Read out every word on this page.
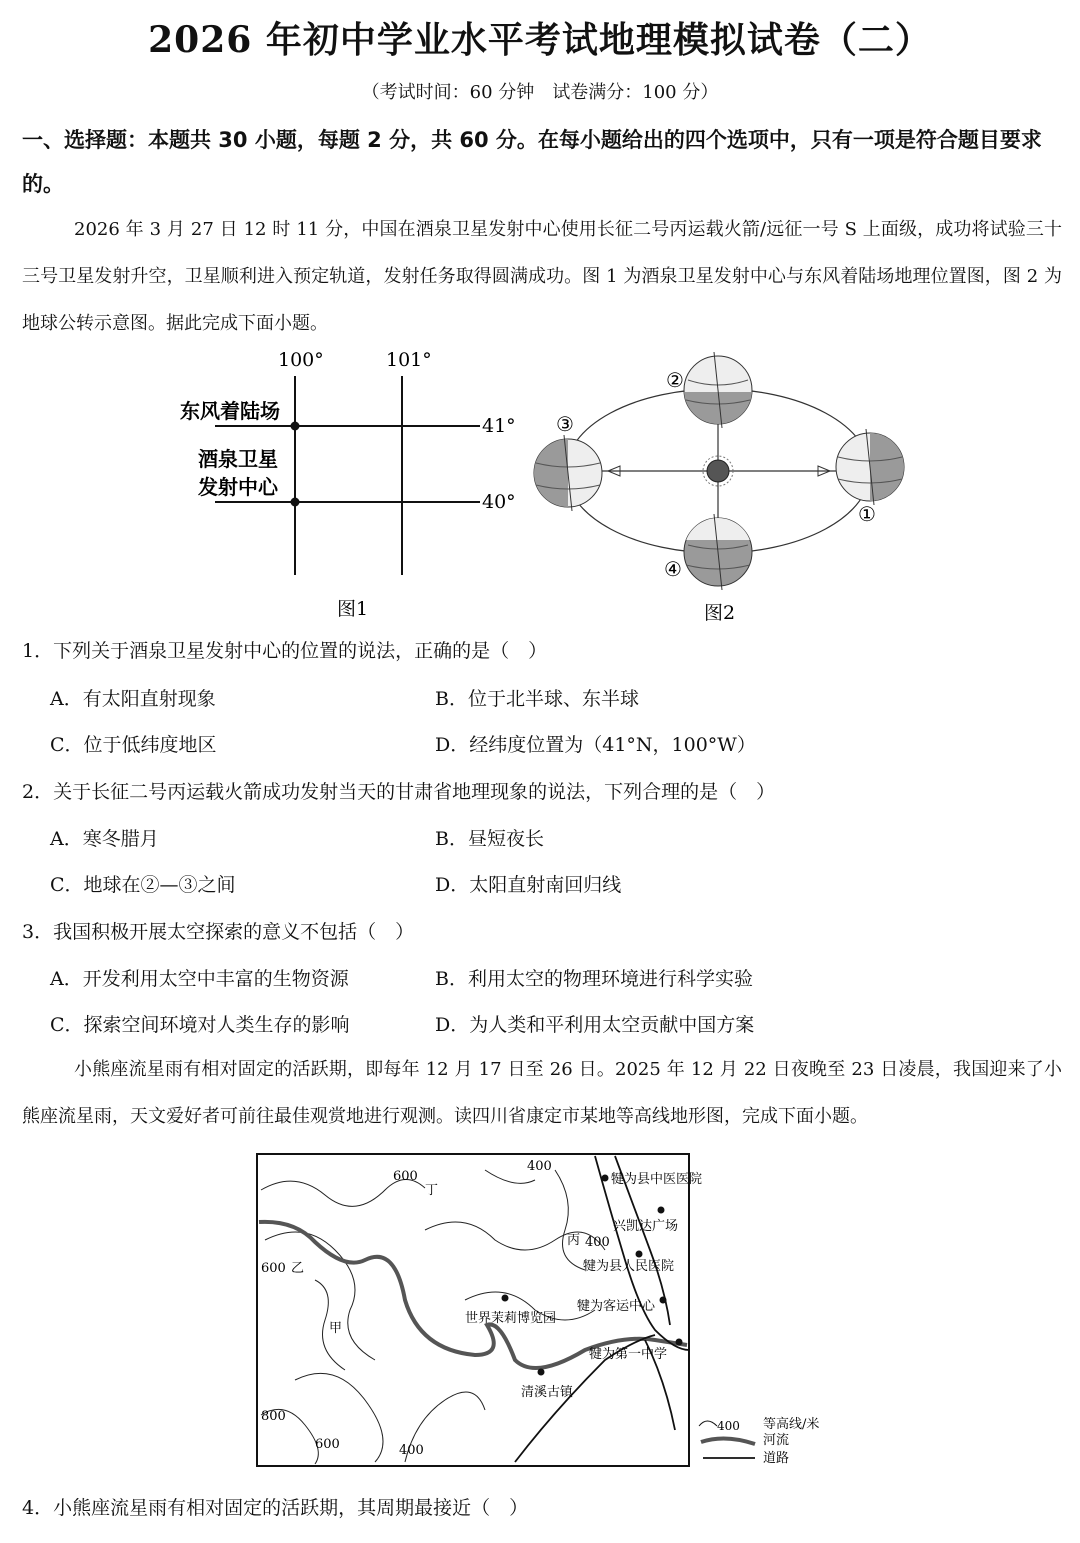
2026 年初中学业水平考试地理模拟试卷（二）
（考试时间：60 分钟　试卷满分：100 分）
一、选择题：本题共 30 小题，每题 2 分，共 60 分。在每小题给出的四个选项中，只有一项是符合题目要求的。
2026 年 3 月 27 日 12 时 11 分，中国在酒泉卫星发射中心使用长征二号丙运载火箭/远征一号 S 上面级，成功将试验三十三号卫星发射升空，卫星顺利进入预定轨道，发射任务取得圆满成功。图 1 为酒泉卫星发射中心与东风着陆场地理位置图，图 2 为地球公转示意图。据此完成下面小题。
100°	101°
41°
40°
东风着陆场
酒泉卫星
发射中心
图1
②
③
①
④
图2
1．下列关于酒泉卫星发射中心的位置的说法，正确的是（　）
A．有太阳直射现象	B．位于北半球、东半球
C．位于低纬度地区	D．经纬度位置为（41°N，100°W）
2．关于长征二号丙运载火箭成功发射当天的甘肃省地理现象的说法，下列合理的是（　）
A．寒冬腊月	B．昼短夜长
C．地球在②—③之间	D．太阳直射南回归线
3．我国积极开展太空探索的意义不包括（　）
A．开发利用太空中丰富的生物资源	B．利用太空的物理环境进行科学实验
C．探索空间环境对人类生存的影响	D．为人类和平利用太空贡献中国方案
小熊座流星雨有相对固定的活跃期，即每年 12 月 17 日至 26 日。2025 年 12 月 22 日夜晚至 23 日凌晨，我国迎来了小熊座流星雨，天文爱好者可前往最佳观赏地进行观测。读四川省康定市某地等高线地形图，完成下面小题。
400
600
400
600
800
600	400
丁
丙
乙
甲
犍为县中医医院
兴凯达广场
犍为县人民医院
犍为客运中心
世界茉莉博览园
犍为第一中学
清溪古镇
400 等高线/米
河流
道路
4．小熊座流星雨有相对固定的活跃期，其周期最接近（　）
